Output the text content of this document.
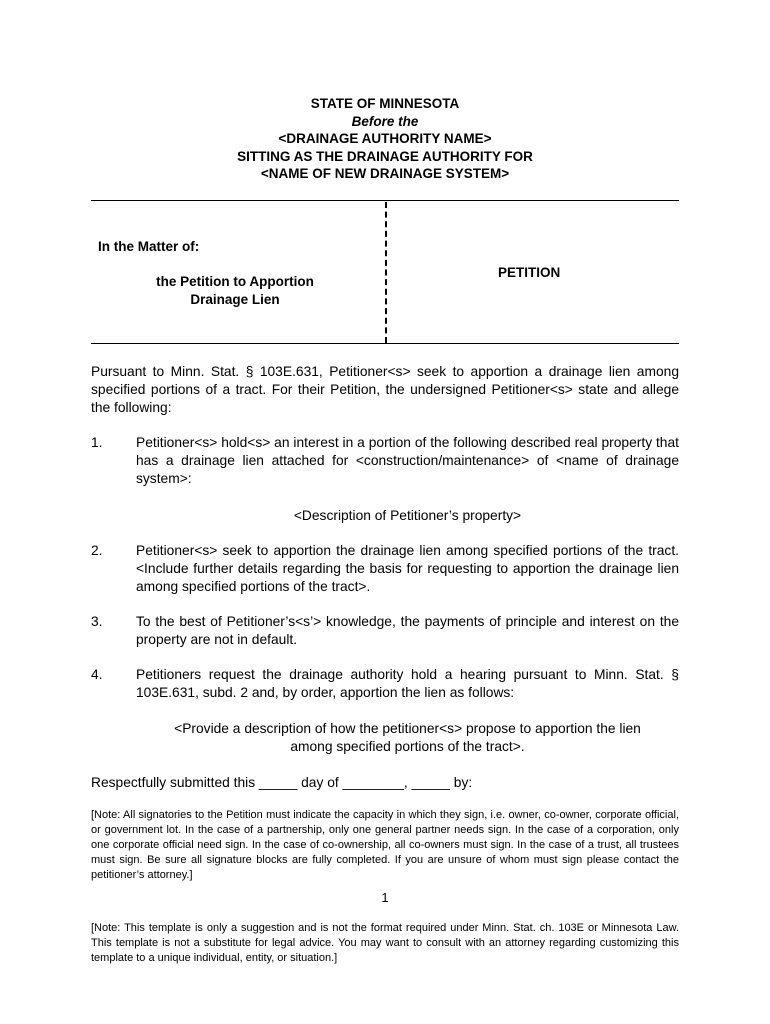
STATE OF MINNESOTA
Before the
<DRAINAGE AUTHORITY NAME>
SITTING AS THE DRAINAGE AUTHORITY FOR
<NAME OF NEW DRAINAGE SYSTEM>
In the Matter of:
the Petition to Apportion
Drainage Lien
PETITION
Pursuant to Minn. Stat. § 103E.631, Petitioner<s> seek to apportion a drainage lien among specified portions of a tract. For their Petition, the undersigned Petitioner<s> state and allege the following:
1. Petitioner<s> hold<s> an interest in a portion of the following described real property that has a drainage lien attached for <construction/maintenance> of <name of drainage system>:
<Description of Petitioner’s property>
2. Petitioner<s> seek to apportion the drainage lien among specified portions of the tract. <Include further details regarding the basis for requesting to apportion the drainage lien among specified portions of the tract>.
3. To the best of Petitioner’s<s’> knowledge, the payments of principle and interest on the property are not in default.
4. Petitioners request the drainage authority hold a hearing pursuant to Minn. Stat. § 103E.631, subd. 2 and, by order, apportion the lien as follows:
<Provide a description of how the petitioner<s> propose to apportion the lien
among specified portions of the tract>.
Respectfully submitted this _____ day of ________, _____ by:
[Note: All signatories to the Petition must indicate the capacity in which they sign, i.e. owner, co-owner, corporate official, or government lot. In the case of a partnership, only one general partner needs sign. In the case of a corporation, only one corporate official need sign. In the case of co-ownership, all co-owners must sign. In the case of a trust, all trustees must sign. Be sure all signature blocks are fully completed. If you are unsure of whom must sign please contact the petitioner’s attorney.]
1
[Note: This template is only a suggestion and is not the format required under Minn. Stat. ch. 103E or Minnesota Law. This template is not a substitute for legal advice. You may want to consult with an attorney regarding customizing this template to a unique individual, entity, or situation.]
